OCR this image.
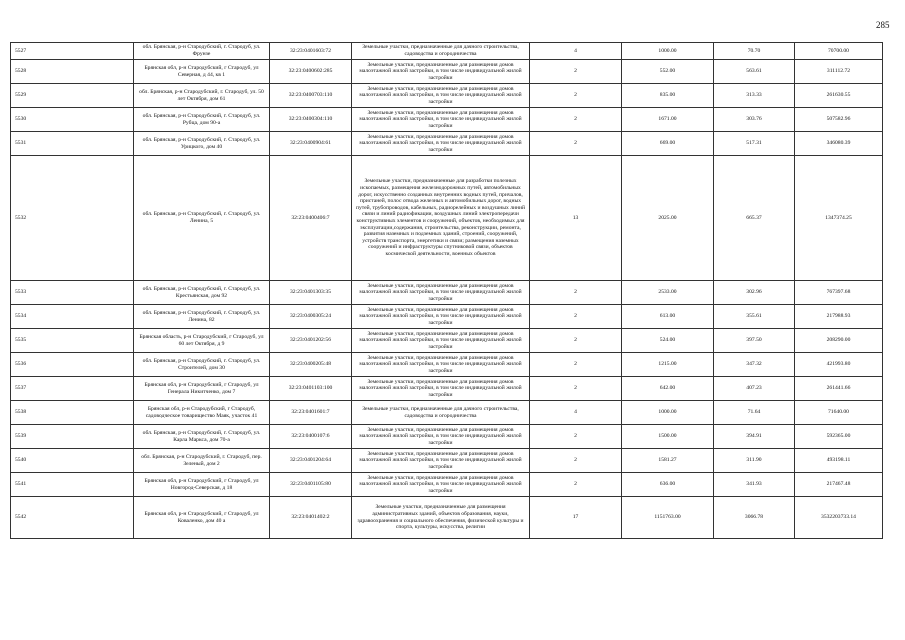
285
5527	обл. Брянская, р-н Стародубский, г. Стародуб, ул. Фрунзе	32:23:0401603:72	Земельные участки, предназначенные для дачного строительства, садоводства и огородничества	4	1000.00	70.70	70700.00
5528	Брянская обл, р-н Стародубский, г Стародуб, ул Северная, д 44, кв 1	32:23:0400602:285	Земельные участки, предназначенные для размещения домов малоэтажной жилой застройки, в том числе индивидуальной жилой застройки	2	552.00	563.61	311112.72
5529	обл. Брянская, р-н Стародубский, г. Стародуб, ул. 50 лет Октября, дом 61	32:23:0400703:110	Земельные участки, предназначенные для размещения домов малоэтажной жилой застройки, в том числе индивидуальной жилой застройки	2	835.00	313.33	261630.55
5530	обл. Брянская, р-н Стародубский, г. Стародуб, ул. Рубца, дом 90-а	32:23:0400304:110	Земельные участки, предназначенные для размещения домов малоэтажной жилой застройки, в том числе индивидуальной жилой застройки	2	1671.00	303.76	507582.96
5531	обл. Брянская, р-н Стародубский, г. Стародуб, ул. Урицкого, дом 40	32:23:0400904:61	Земельные участки, предназначенные для размещения домов малоэтажной жилой застройки, в том числе индивидуальной жилой застройки	2	669.00	517.31	346080.39
5532	обл. Брянская, р-н Стародубский, г. Стародуб, ул. Ленина, 5	32:23:0400406:7	Земельные участки, предназначенные для разработки полезных ископаемых, размещения железнодорожных путей, автомобильных дорог, искусственно созданных внутренних водных путей, причалов, пристаней, полос отвода железных и автомобильных дорог, водных путей, трубопроводов, кабельных, радиорелейных и воздушных линий связи и линий радиофикации, воздушных линий электропередачи конструктивных элементов и сооружений, объектов, необходимых для эксплуатации,содержания, строительства, реконструкции, ремонта, развития наземных и подземных зданий, строений, сооружений, устройств транспорта, энергетики и связи; размещения наземных сооружений и инфраструктуры спутниковой связи, объектов космической деятельности, военных объектов	13	2025.00	665.37	1347374.25
5533	обл. Брянская, р-н Стародубский, г. Стародуб, ул. Крестьянская, дом 92	32:23:0401303:35	Земельные участки, предназначенные для размещения домов малоэтажной жилой застройки, в том числе индивидуальной жилой застройки	2	2533.00	302.96	767397.68
5534	обл. Брянская, р-н Стародубский, г. Стародуб, ул. Ленина, 82	32:23:0400305:24	Земельные участки, предназначенные для размещения домов малоэтажной жилой застройки, в том числе индивидуальной жилой застройки	2	613.00	355.61	217988.93
5535	Брянская область, р-н Стародубский, г Стародуб, ул 60 лет Октября, д 9	32:23:0401202:56	Земельные участки, предназначенные для размещения домов малоэтажной жилой застройки, в том числе индивидуальной жилой застройки	2	524.00	397.50	208290.00
5536	обл. Брянская, р-н Стародубский, г. Стародуб, ул. Строителей, дом 30	32:23:0400205:48	Земельные участки, предназначенные для размещения домов малоэтажной жилой застройки, в том числе индивидуальной жилой застройки	2	1215.00	347.32	421993.80
5537	Брянская обл, р-н Стародубский, г Стародуб, ул Генерала Никитченко, дом 7	32:23:0401103:100	Земельные участки, предназначенные для размещения домов малоэтажной жилой застройки, в том числе индивидуальной жилой застройки	2	642.00	407.23	261441.66
5538	Брянская обл, р-н Стародубский, г Стародуб, садоводческое товарищество Маяк, участок 41	32:23:0401601:7	Земельные участки, предназначенные для дачного строительства, садоводства и огородничества	4	1000.00	71.64	71640.00
5539	обл. Брянская, р-н Стародубский, г. Стародуб, ул. Карла Маркса, дом 70-а	32:23:0400107:6	Земельные участки, предназначенные для размещения домов малоэтажной жилой застройки, в том числе индивидуальной жилой застройки	2	1500.00	394.91	592365.00
5540	обл. Брянская, р-н Стародубский, г. Стародуб, пер. Зеленый, дом 2	32:23:0401204:64	Земельные участки, предназначенные для размещения домов малоэтажной жилой застройки, в том числе индивидуальной жилой застройки	2	1581.27	311.90	493198.11
5541	Брянская обл, р-н Стародубский, г Стародуб, ул Новгород-Северская, д 18	32:23:0401105:80	Земельные участки, предназначенные для размещения домов малоэтажной жилой застройки, в том числе индивидуальной жилой застройки	2	636.00	341.93	217467.48
5542	Брянская обл, р-н Стародубский, г Стародуб, ул Коваленко, дом 40 а	32:23:0401402:2	Земельные участки, предназначенные для размещения административных зданий, объектов образования, науки, здравоохранения и социального обеспечения, физической культуры и спорта, культуры, искусства, религии	17	1151763.00	3066.78	3532203733.14
